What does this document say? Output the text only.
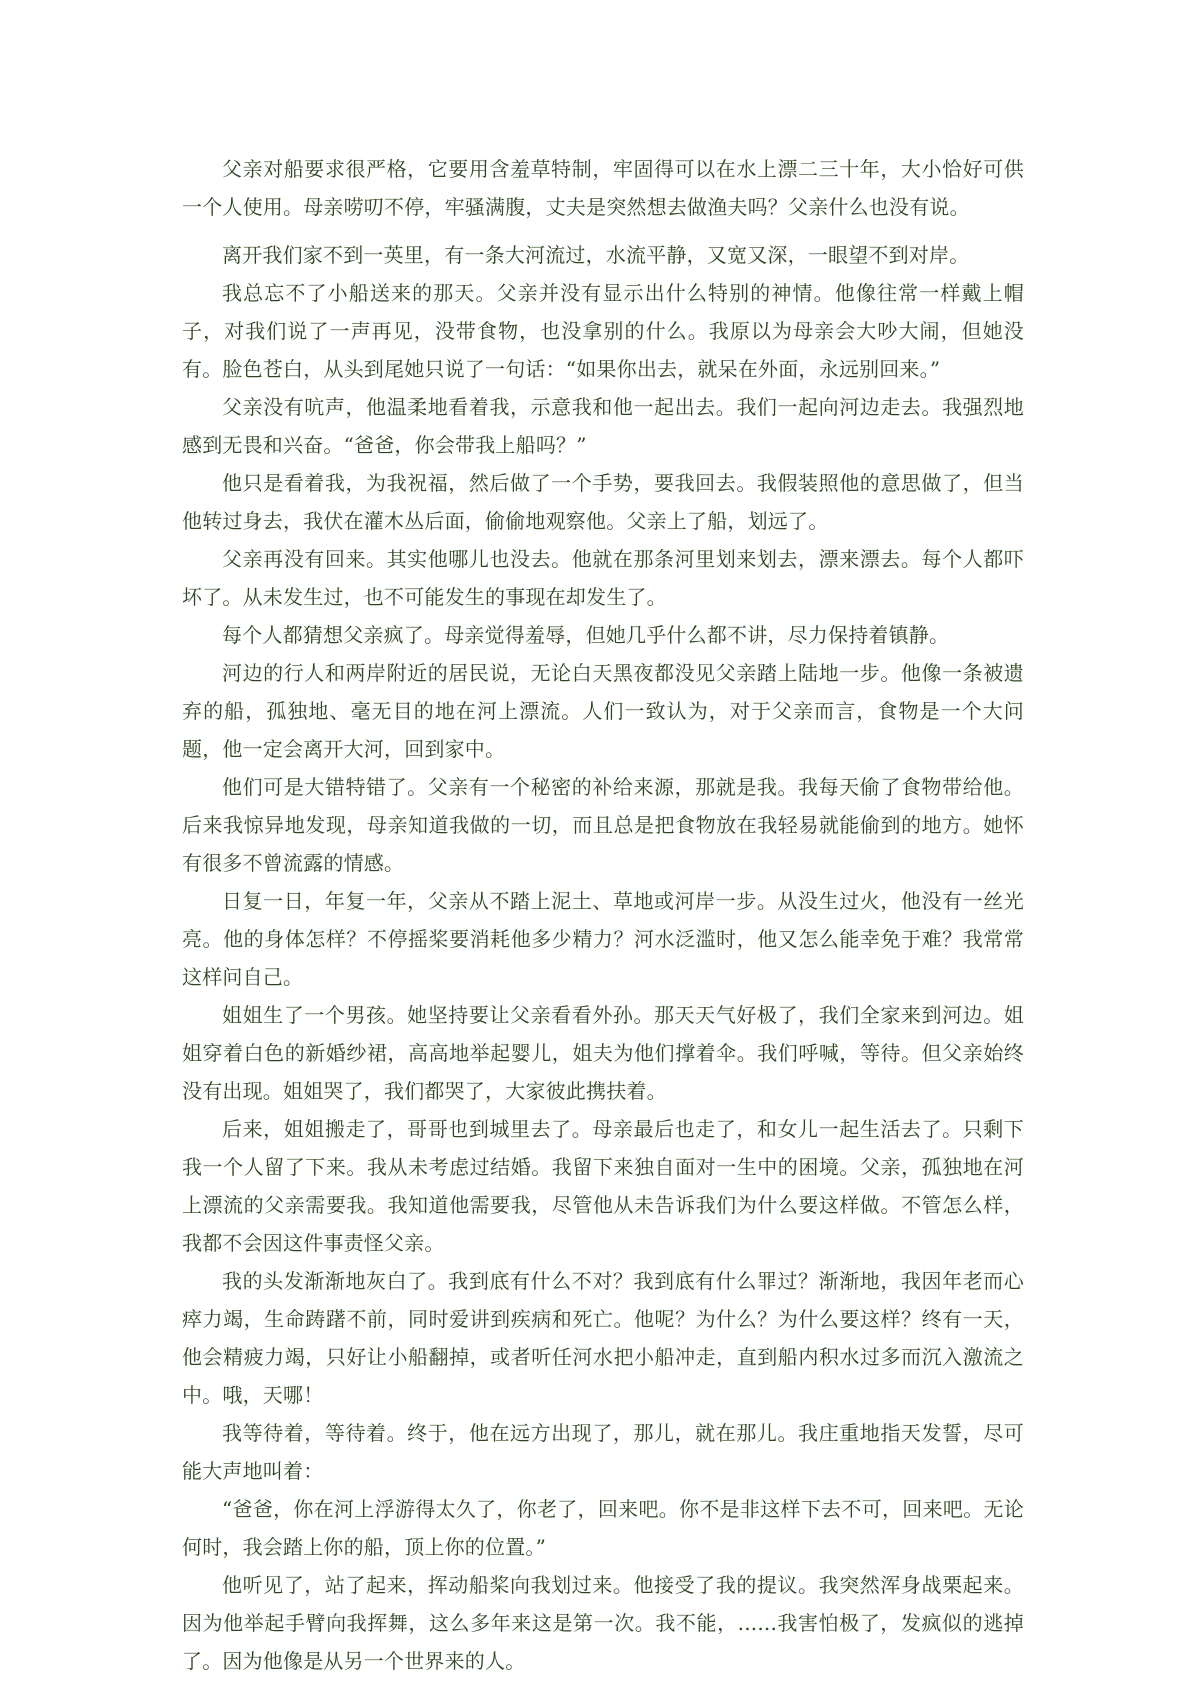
父亲对船要求很严格，它要用含羞草特制，牢固得可以在水上漂二三十年，大小恰好可供一个人使用。母亲唠叨不停，牢骚满腹，丈夫是突然想去做渔夫吗？父亲什么也没有说。

离开我们家不到一英里，有一条大河流过，水流平静，又宽又深，一眼望不到对岸。

我总忘不了小船送来的那天。父亲并没有显示出什么特别的神情。他像往常一样戴上帽子，对我们说了一声再见，没带食物，也没拿别的什么。我原以为母亲会大吵大闹，但她没有。脸色苍白，从头到尾她只说了一句话：“如果你出去，就呆在外面，永远别回来。”

父亲没有吭声，他温柔地看着我，示意我和他一起出去。我们一起向河边走去。我强烈地感到无畏和兴奋。“爸爸，你会带我上船吗？”

他只是看着我，为我祝福，然后做了一个手势，要我回去。我假装照他的意思做了，但当他转过身去，我伏在灌木丛后面，偷偷地观察他。父亲上了船，划远了。

父亲再没有回来。其实他哪儿也没去。他就在那条河里划来划去，漂来漂去。每个人都吓坏了。从未发生过，也不可能发生的事现在却发生了。

每个人都猜想父亲疯了。母亲觉得羞辱，但她几乎什么都不讲，尽力保持着镇静。

河边的行人和两岸附近的居民说，无论白天黑夜都没见父亲踏上陆地一步。他像一条被遗弃的船，孤独地、毫无目的地在河上漂流。人们一致认为，对于父亲而言，食物是一个大问题，他一定会离开大河，回到家中。

他们可是大错特错了。父亲有一个秘密的补给来源，那就是我。我每天偷了食物带给他。后来我惊异地发现，母亲知道我做的一切，而且总是把食物放在我轻易就能偷到的地方。她怀有很多不曾流露的情感。

日复一日，年复一年，父亲从不踏上泥土、草地或河岸一步。从没生过火，他没有一丝光亮。他的身体怎样？不停摇桨要消耗他多少精力？河水泛滥时，他又怎么能幸免于难？我常常这样问自己。

姐姐生了一个男孩。她坚持要让父亲看看外孙。那天天气好极了，我们全家来到河边。姐姐穿着白色的新婚纱裙，高高地举起婴儿，姐夫为他们撑着伞。我们呼喊，等待。但父亲始终没有出现。姐姐哭了，我们都哭了，大家彼此携扶着。

后来，姐姐搬走了，哥哥也到城里去了。母亲最后也走了，和女儿一起生活去了。只剩下我一个人留了下来。我从未考虑过结婚。我留下来独自面对一生中的困境。父亲，孤独地在河上漂流的父亲需要我。我知道他需要我，尽管他从未告诉我们为什么要这样做。不管怎么样，我都不会因这件事责怪父亲。

我的头发渐渐地灰白了。我到底有什么不对？我到底有什么罪过？渐渐地，我因年老而心瘁力竭，生命踌躇不前，同时爱讲到疾病和死亡。他呢？为什么？为什么要这样？终有一天，他会精疲力竭，只好让小船翻掉，或者听任河水把小船冲走，直到船内积水过多而沉入激流之中。哦，天哪！

我等待着，等待着。终于，他在远方出现了，那儿，就在那儿。我庄重地指天发誓，尽可能大声地叫着：

“爸爸，你在河上浮游得太久了，你老了，回来吧。你不是非这样下去不可，回来吧。无论何时，我会踏上你的船，顶上你的位置。”

他听见了，站了起来，挥动船桨向我划过来。他接受了我的提议。我突然浑身战栗起来。因为他举起手臂向我挥舞，这么多年来这是第一次。我不能，......我害怕极了，发疯似的逃掉了。因为他像是从另一个世界来的人。
